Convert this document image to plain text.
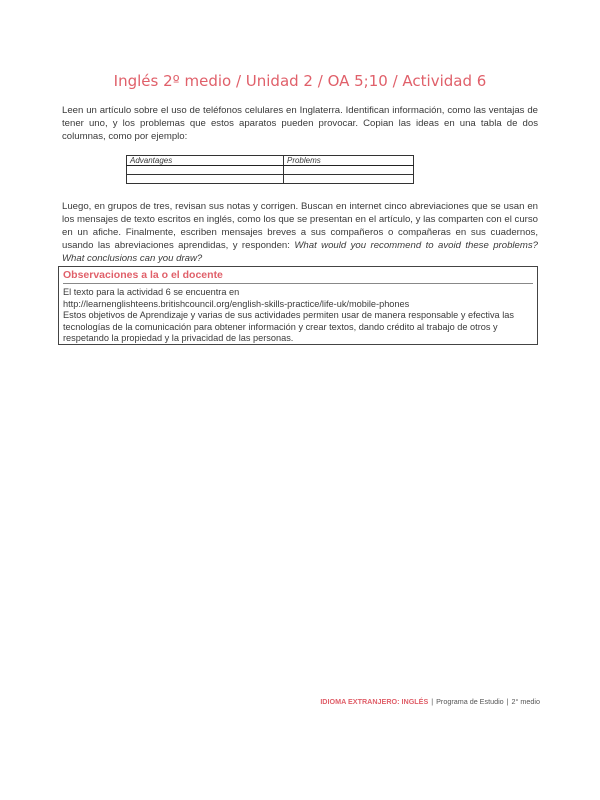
Inglés 2º medio / Unidad 2 / OA 5;10 / Actividad 6

Leen un artículo sobre el uso de teléfonos celulares en Inglaterra. Identifican información, como las ventajas de tener uno, y los problemas que estos aparatos pueden provocar. Copian las ideas en una tabla de dos columnas, como por ejemplo:

Advantages	Problems

Luego, en grupos de tres, revisan sus notas y corrigen. Buscan en internet cinco abreviaciones que se usan en los mensajes de texto escritos en inglés, como los que se presentan en el artículo, y las comparten con el curso en un afiche. Finalmente, escriben mensajes breves a sus compañeros o compañeras en sus cuadernos, usando las abreviaciones aprendidas, y responden: What would you recommend to avoid these problems? What conclusions can you draw?

Observaciones a la o el docente
El texto para la actividad 6 se encuentra en
http://learnenglishteens.britishcouncil.org/english-skills-practice/life-uk/mobile-phones
Estos objetivos de Aprendizaje y varias de sus actividades permiten usar de manera responsable y efectiva las tecnologías de la comunicación para obtener información y crear textos, dando crédito al trabajo de otros y respetando la propiedad y la privacidad de las personas.
IDIOMA EXTRANJERO: INGLÉS | Programa de Estudio | 2° medio
